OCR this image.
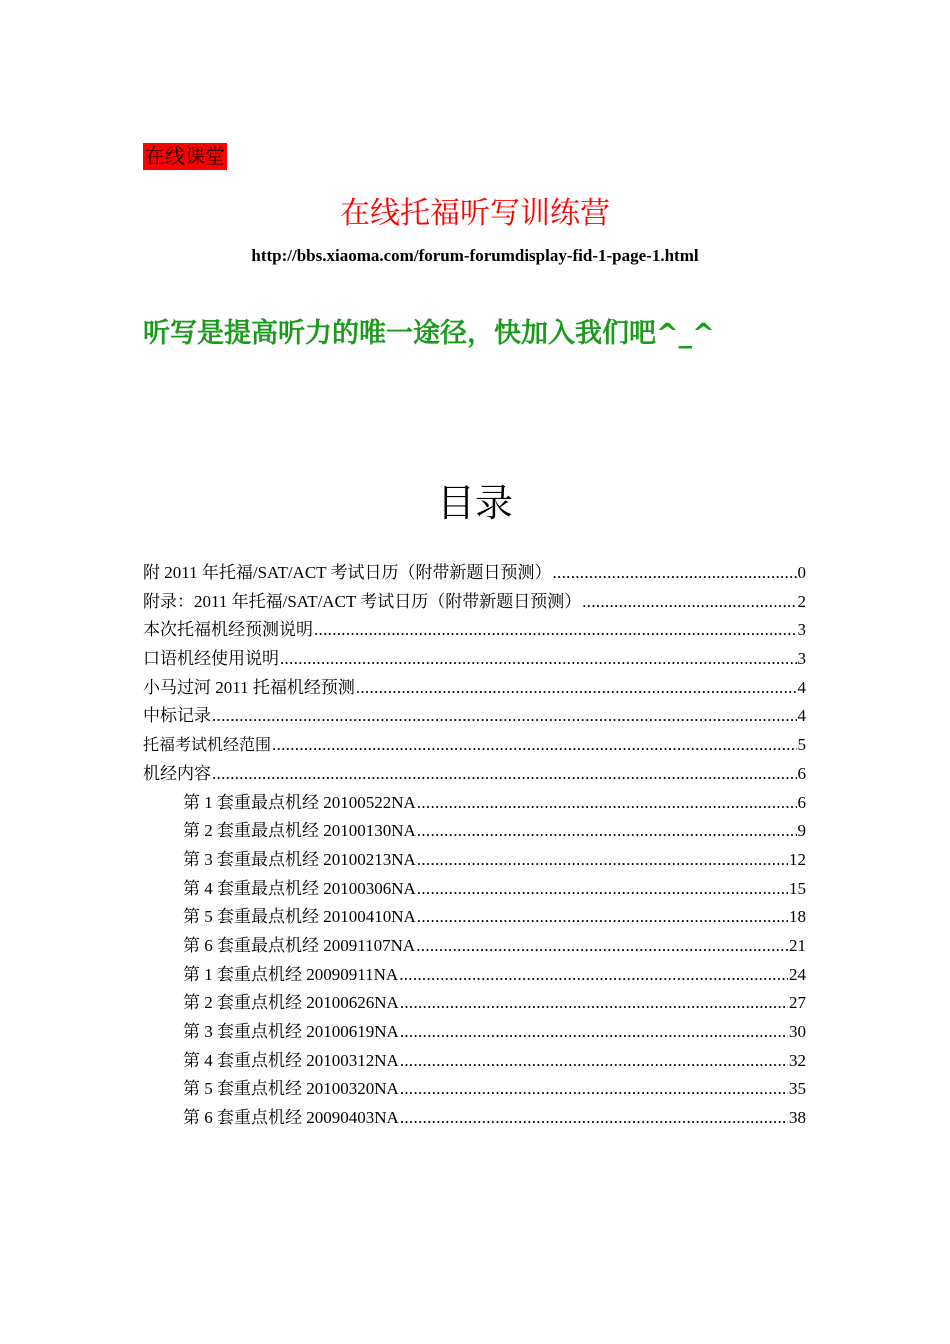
在线课堂
在线托福听写训练营
http://bbs.xiaoma.com/forum-forumdisplay-fid-1-page-1.html
听写是提高听力的唯一途径，快加入我们吧^_^
目录
附 2011 年托福/SAT/ACT 考试日历（附带新题日预测） .....	0
附录：2011 年托福/SAT/ACT 考试日历（附带新题日预测） .....	2
本次托福机经预测说明 .....	3
口语机经使用说明 .....	3
小马过河 2011 托福机经预测 .....	4
中标记录 .....	4
托福考试机经范围 .....	5
机经内容 .....	6
第 1 套重最点机经 20100522NA .....	6
第 2 套重最点机经 20100130NA .....	9
第 3 套重最点机经 20100213NA .....	12
第 4 套重最点机经 20100306NA .....	15
第 5 套重最点机经 20100410NA .....	18
第 6 套重最点机经 20091107NA .....	21
第 1 套重点机经 20090911NA .....	24
第 2 套重点机经 20100626NA .....	27
第 3 套重点机经 20100619NA .....	30
第 4 套重点机经 20100312NA .....	32
第 5 套重点机经 20100320NA .....	35
第 6 套重点机经 20090403NA .....	38
